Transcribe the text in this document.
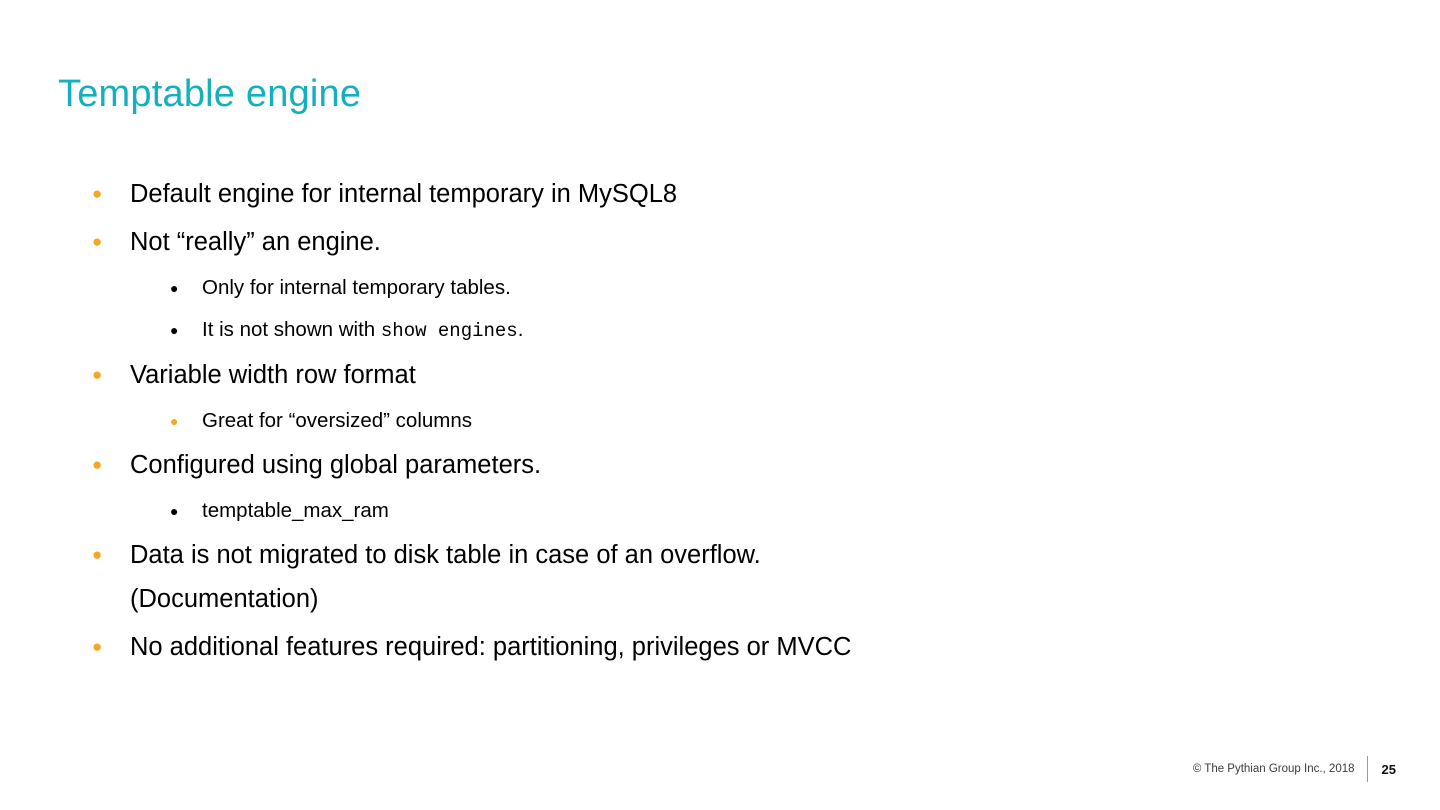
Temptable engine
●	Default engine for internal temporary in MySQL8
●	Not “really” an engine.
●	Only for internal temporary tables.
●	It is not shown with show engines.
●	Variable width row format
●	Great for “oversized” columns
●	Configured using global parameters.
●	temptable_max_ram
●	Data is not migrated to disk table in case of an overflow.
(Documentation)
●	No additional features required: partitioning, privileges or MVCC
© The Pythian Group Inc., 2018	25
